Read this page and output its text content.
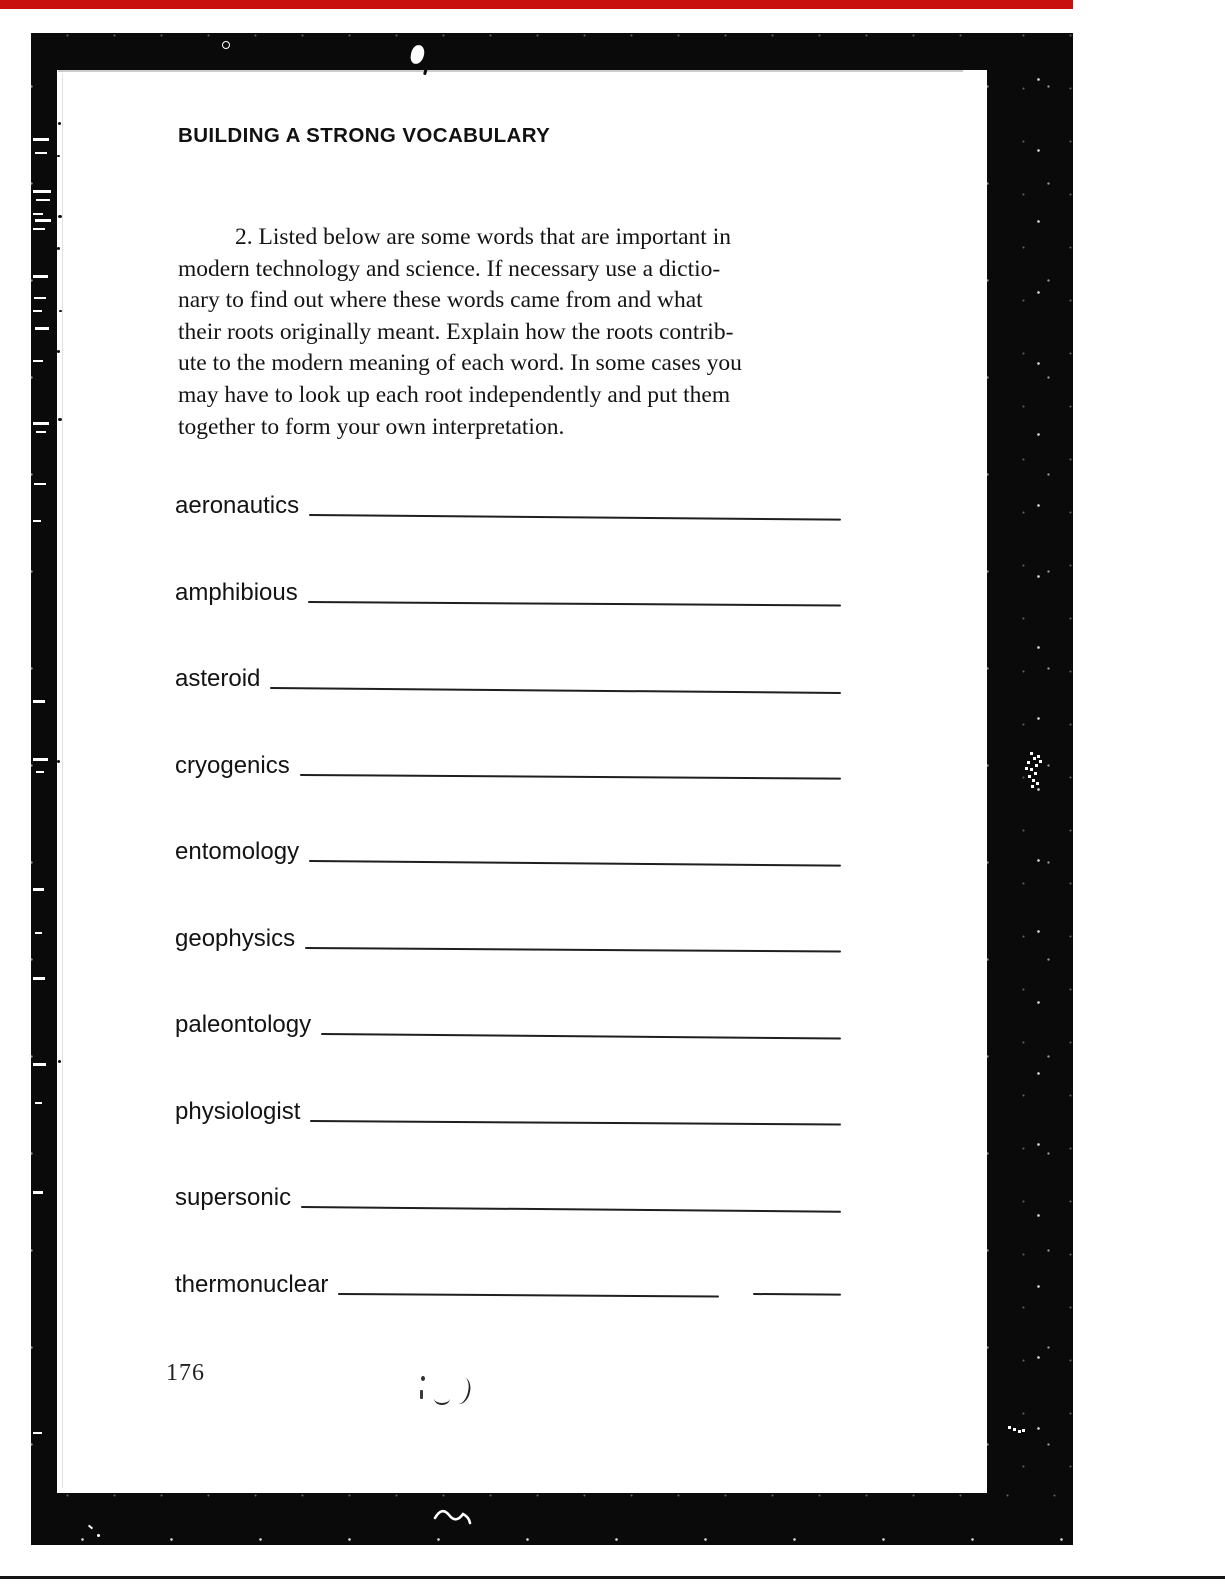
BUILDING A STRONG VOCABULARY
2. Listed below are some words that are important in
modern technology and science. If necessary use a dictio-
nary to find out where these words came from and what
their roots originally meant. Explain how the roots contrib-
ute to the modern meaning of each word. In some cases you
may have to look up each root independently and put them
together to form your own interpretation.
aeronautics
amphibious
asteroid
cryogenics
entomology
geophysics
paleontology
physiologist
supersonic
thermonuclear
176
